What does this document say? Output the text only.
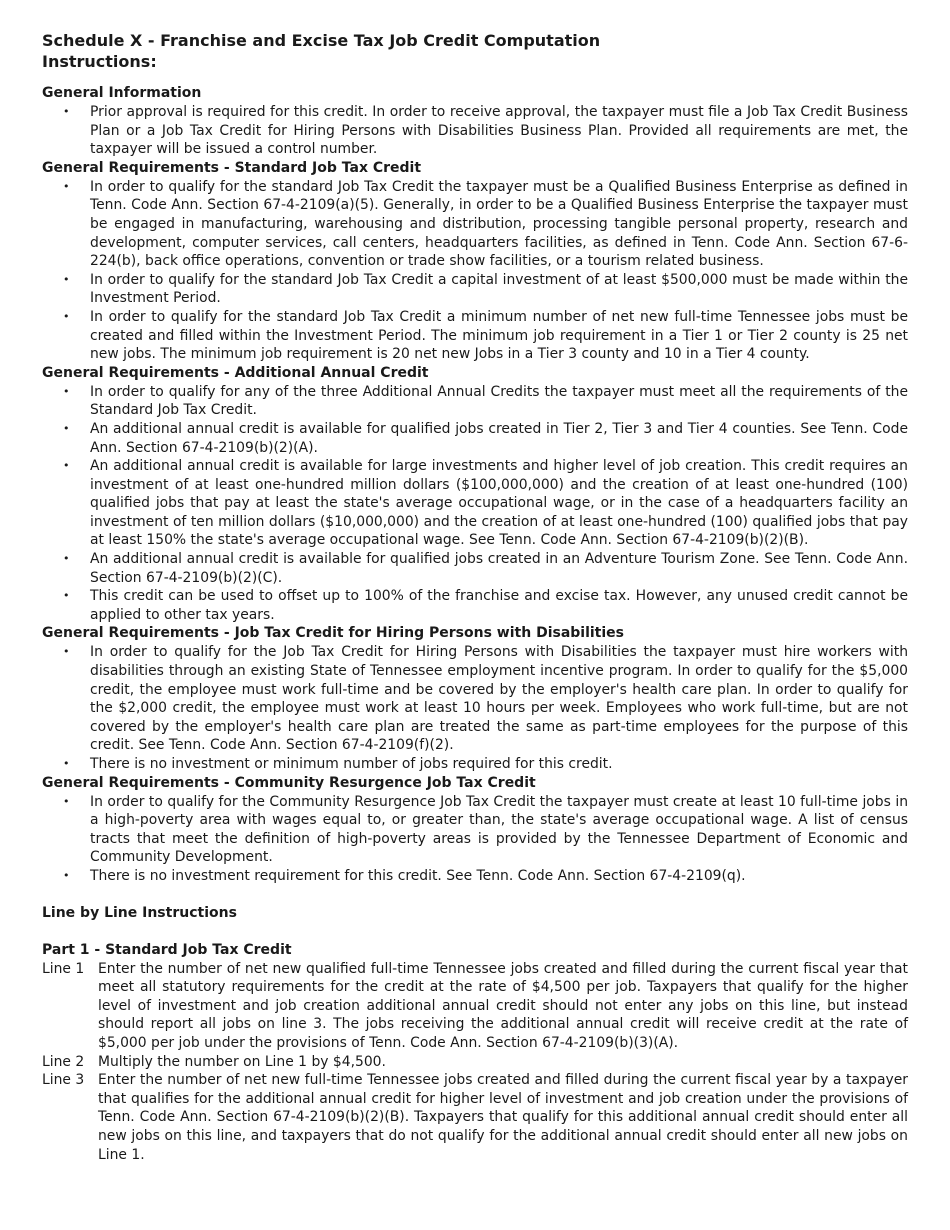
Schedule X - Franchise and Excise Tax Job Credit Computation
Instructions:
General Information
• Prior approval is required for this credit. In order to receive approval, the taxpayer must file a Job Tax Credit Business Plan or a Job Tax Credit for Hiring Persons with Disabilities Business Plan. Provided all requirements are met, the taxpayer will be issued a control number.
General Requirements - Standard Job Tax Credit
• In order to qualify for the standard Job Tax Credit the taxpayer must be a Qualified Business Enterprise as defined in Tenn. Code Ann. Section 67-4-2109(a)(5). Generally, in order to be a Qualified Business Enterprise the taxpayer must be engaged in manufacturing, warehousing and distribution, processing tangible personal property, research and development, computer services, call centers, headquarters facilities, as defined in Tenn. Code Ann. Section 67-6-224(b), back office operations, convention or trade show facilities, or a tourism related business.
• In order to qualify for the standard Job Tax Credit a capital investment of at least $500,000 must be made within the Investment Period.
• In order to qualify for the standard Job Tax Credit a minimum number of net new full-time Tennessee jobs must be created and filled within the Investment Period. The minimum job requirement in a Tier 1 or Tier 2 county is 25 net new jobs. The minimum job requirement is 20 net new Jobs in a Tier 3 county and 10 in a Tier 4 county.
General Requirements - Additional Annual Credit
• In order to qualify for any of the three Additional Annual Credits the taxpayer must meet all the requirements of the Standard Job Tax Credit.
• An additional annual credit is available for qualified jobs created in Tier 2, Tier 3 and Tier 4 counties. See Tenn. Code Ann. Section 67-4-2109(b)(2)(A).
• An additional annual credit is available for large investments and higher level of job creation. This credit requires an investment of at least one-hundred million dollars ($100,000,000) and the creation of at least one-hundred (100) qualified jobs that pay at least the state's average occupational wage, or in the case of a headquarters facility an investment of ten million dollars ($10,000,000) and the creation of at least one-hundred (100) qualified jobs that pay at least 150% the state's average occupational wage. See Tenn. Code Ann. Section 67-4-2109(b)(2)(B).
• An additional annual credit is available for qualified jobs created in an Adventure Tourism Zone. See Tenn. Code Ann. Section 67-4-2109(b)(2)(C).
• This credit can be used to offset up to 100% of the franchise and excise tax. However, any unused credit cannot be applied to other tax years.
General Requirements - Job Tax Credit for Hiring Persons with Disabilities
• In order to qualify for the Job Tax Credit for Hiring Persons with Disabilities the taxpayer must hire workers with disabilities through an existing State of Tennessee employment incentive program. In order to qualify for the $5,000 credit, the employee must work full-time and be covered by the employer's health care plan. In order to qualify for the $2,000 credit, the employee must work at least 10 hours per week. Employees who work full-time, but are not covered by the employer's health care plan are treated the same as part-time employees for the purpose of this credit. See Tenn. Code Ann. Section 67-4-2109(f)(2).
• There is no investment or minimum number of jobs required for this credit.
General Requirements - Community Resurgence Job Tax Credit
• In order to qualify for the Community Resurgence Job Tax Credit the taxpayer must create at least 10 full-time jobs in a high-poverty area with wages equal to, or greater than, the state's average occupational wage. A list of census tracts that meet the definition of high-poverty areas is provided by the Tennessee Department of Economic and Community Development.
• There is no investment requirement for this credit. See Tenn. Code Ann. Section 67-4-2109(q).
Line by Line Instructions
Part 1 - Standard Job Tax Credit
Line 1 Enter the number of net new qualified full-time Tennessee jobs created and filled during the current fiscal year that meet all statutory requirements for the credit at the rate of $4,500 per job. Taxpayers that qualify for the higher level of investment and job creation additional annual credit should not enter any jobs on this line, but instead should report all jobs on line 3. The jobs receiving the additional annual credit will receive credit at the rate of $5,000 per job under the provisions of Tenn. Code Ann. Section 67-4-2109(b)(3)(A).
Line 2 Multiply the number on Line 1 by $4,500.
Line 3 Enter the number of net new full-time Tennessee jobs created and filled during the current fiscal year by a taxpayer that qualifies for the additional annual credit for higher level of investment and job creation under the provisions of Tenn. Code Ann. Section 67-4-2109(b)(2)(B). Taxpayers that qualify for this additional annual credit should enter all new jobs on this line, and taxpayers that do not qualify for the additional annual credit should enter all new jobs on Line 1.
